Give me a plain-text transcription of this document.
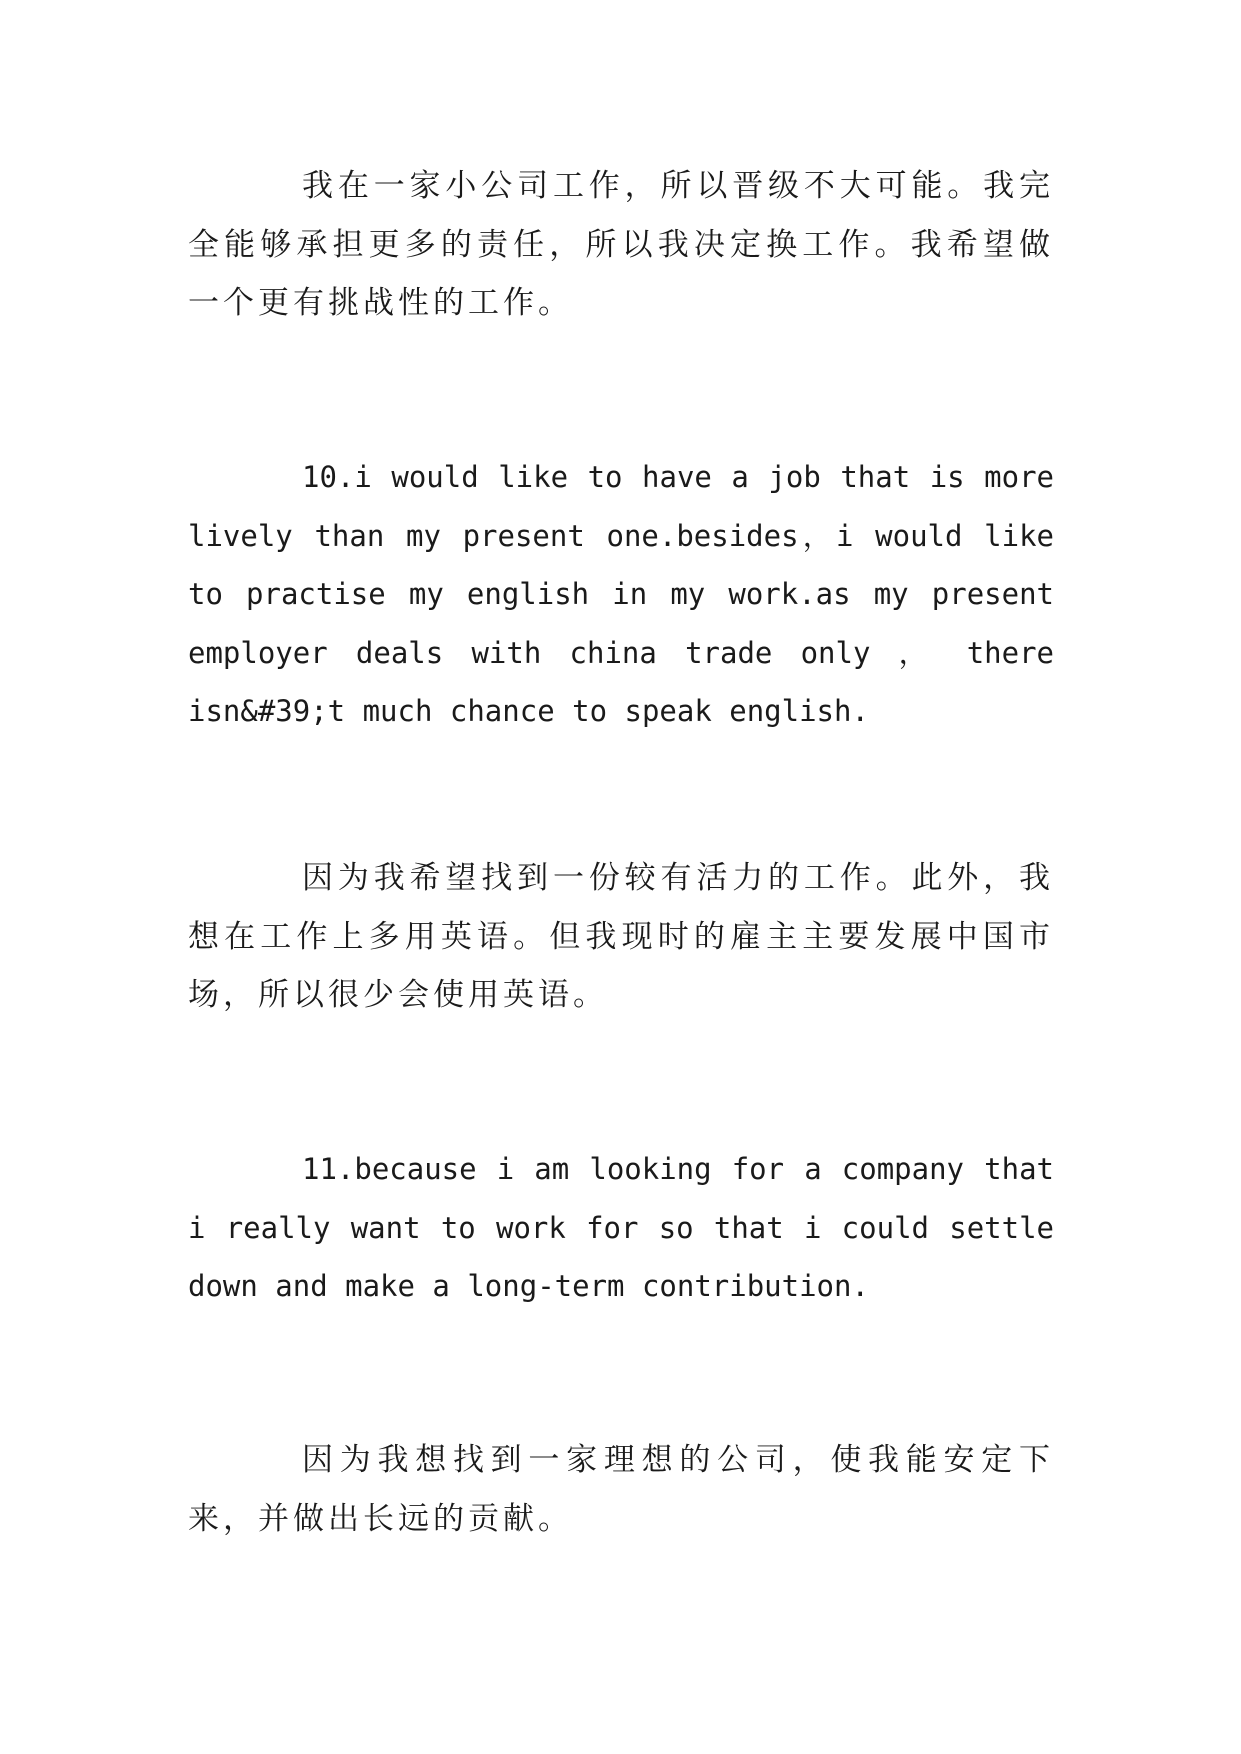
我在一家小公司工作，所以晋级不大可能。我完全能够承担更多的责任，所以我决定换工作。我希望做一个更有挑战性的工作。

10.i would like to have a job that is more lively than my present one.besides，i would like to practise my english in my work.as my present employer deals with china trade only ， there isn&#39;t much chance to speak english.

因为我希望找到一份较有活力的工作。此外，我想在工作上多用英语。但我现时的雇主主要发展中国市场，所以很少会使用英语。

11.because i am looking for a company that i really want to work for so that i could settle down and make a long-term contribution.

因为我想找到一家理想的公司，使我能安定下来，并做出长远的贡献。
